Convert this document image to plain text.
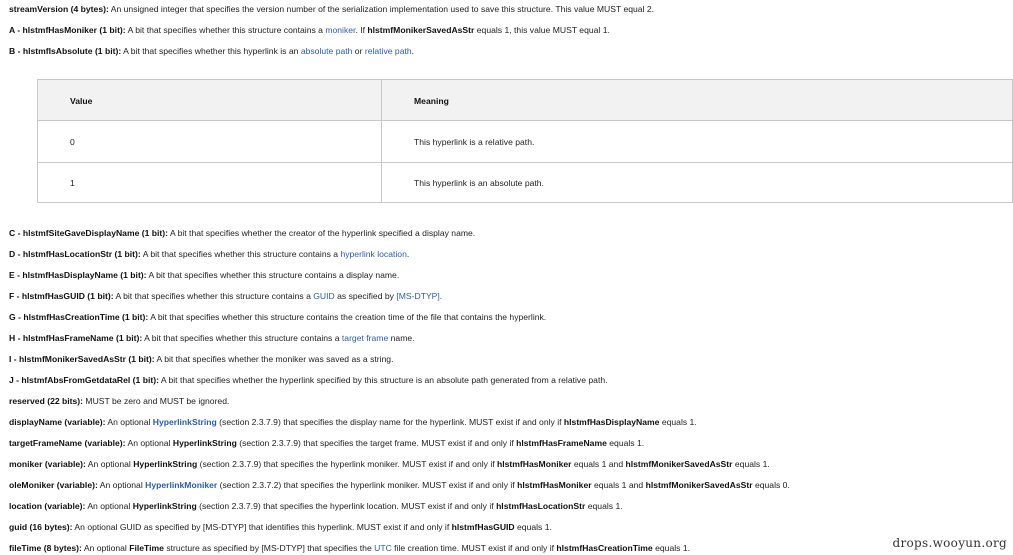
streamVersion (4 bytes): An unsigned integer that specifies the version number of the serialization implementation used to save this structure. This value MUST equal 2.
A - hlstmfHasMoniker (1 bit): A bit that specifies whether this structure contains a moniker. If hlstmfMonikerSavedAsStr equals 1, this value MUST equal 1.
B - hlstmfIsAbsolute (1 bit): A bit that specifies whether this hyperlink is an absolute path or relative path.
C - hlstmfSiteGaveDisplayName (1 bit): A bit that specifies whether the creator of the hyperlink specified a display name.
D - hlstmfHasLocationStr (1 bit): A bit that specifies whether this structure contains a hyperlink location.
E - hlstmfHasDisplayName (1 bit): A bit that specifies whether this structure contains a display name.
F - hlstmfHasGUID (1 bit): A bit that specifies whether this structure contains a GUID as specified by [MS-DTYP].
G - hlstmfHasCreationTime (1 bit): A bit that specifies whether this structure contains the creation time of the file that contains the hyperlink.
H - hlstmfHasFrameName (1 bit): A bit that specifies whether this structure contains a target frame name.
I - hlstmfMonikerSavedAsStr (1 bit): A bit that specifies whether the moniker was saved as a string.
J - hlstmfAbsFromGetdataRel (1 bit): A bit that specifies whether the hyperlink specified by this structure is an absolute path generated from a relative path.
reserved (22 bits): MUST be zero and MUST be ignored.
displayName (variable): An optional HyperlinkString (section 2.3.7.9) that specifies the display name for the hyperlink. MUST exist if and only if hlstmfHasDisplayName equals 1.
targetFrameName (variable): An optional HyperlinkString (section 2.3.7.9) that specifies the target frame. MUST exist if and only if hlstmfHasFrameName equals 1.
moniker (variable): An optional HyperlinkString (section 2.3.7.9) that specifies the hyperlink moniker. MUST exist if and only if hlstmfHasMoniker equals 1 and hlstmfMonikerSavedAsStr equals 1.
oleMoniker (variable): An optional HyperlinkMoniker (section 2.3.7.2) that specifies the hyperlink moniker. MUST exist if and only if hlstmfHasMoniker equals 1 and hlstmfMonikerSavedAsStr equals 0.
location (variable): An optional HyperlinkString (section 2.3.7.9) that specifies the hyperlink location. MUST exist if and only if hlstmfHasLocationStr equals 1.
guid (16 bytes): An optional GUID as specified by [MS-DTYP] that identifies this hyperlink. MUST exist if and only if hlstmfHasGUID equals 1.
fileTime (8 bytes): An optional FileTime structure as specified by [MS-DTYP] that specifies the UTC file creation time. MUST exist if and only if hlstmfHasCreationTime equals 1.
Value	Meaning
0	This hyperlink is a relative path.
1	This hyperlink is an absolute path.
drops.wooyun.org
